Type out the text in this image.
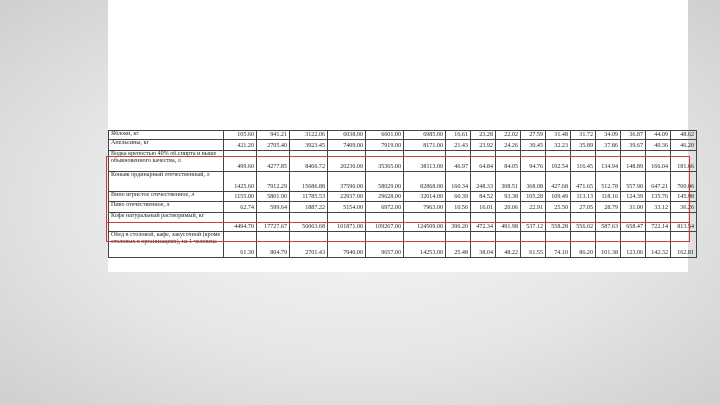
Яблоки, кг	105.60	941.21	3122.06	6038.00	6601.00	6985.00	16.61	23.28	22.02	27.59	31.48	31.72	34.09	36.87	44.09	48.62
Апельсины, кг	421.20	2705.40	3923.45	7409.00	7919.00	8171.00	21.43	23.92	24.26	30.45	32.23	35.89	37.86	39.67	40.36	46.20
Водка крепостью 40% об.спирта и выше обыкновенного качества, л	499.60	4277.85	8466.72	20230.00	35365.00	38113.00	46.97	64.84	84.05	94.76	102.54	116.45	134.94	148.89	166.04	181.66
Коньяк ординарный отечественный, л	1425.60	7912.29	15686.88	37590.00	58029.00	82868.00	160.34	248.33	308.51	368.08	427.68	471.65	512.78	557.90	647.21	700.06
Вино игристое отечественное, л	1155.00	5801.90	11785.53	22937.00	29628.00	32014.00	60.39	84.52	93.38	105.28	109.49	113.13	118.16	124.39	135.76	145.98
Пиво отечественное, л	62.74	599.64	1887.22	5154.00	6972.00	7963.00	10.56	16.01	20.06	22.91	25.50	27.05	28.79	31.00	33.12	36.26
Кофе натуральный растворимый, кг	4494.70	17727.67	56063.68	101871.00	109267.00	124509.00	390.20	472.34	491.98	537.12	558.28	556.02	587.63	658.47	722.14	813.54
Обед в столовой, кафе, закусочной (кроме столовых в организациях), на 1 человека	61.30	804.79	2701.43	7940.00	9657.00	14253.00	25.48	38.04	48.22	61.55	74.10	86.20	101.38	123.06	142.32	162.81
